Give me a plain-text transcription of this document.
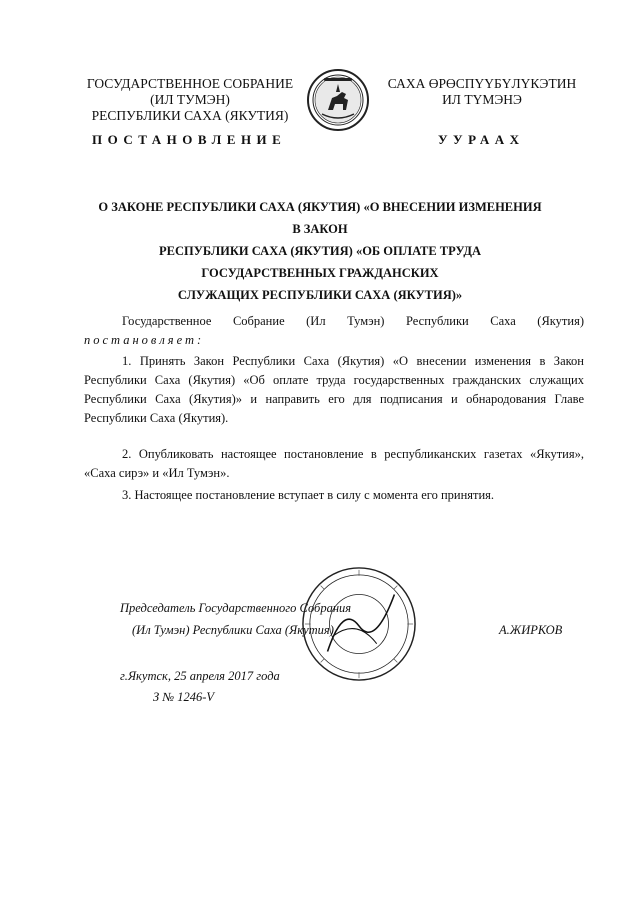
ГОСУДАРСТВЕННОЕ СОБРАНИЕ
(ИЛ ТУМЭН)
РЕСПУБЛИКИ САХА (ЯКУТИЯ)
САХА ӨРӨСПҮҮБҮЛҮКЭТИН
ИЛ ТҮМЭНЭ
ПОСТАНОВЛЕНИЕ	УУРААХ
О ЗАКОНЕ РЕСПУБЛИКИ САХА (ЯКУТИЯ) «О ВНЕСЕНИИ ИЗМЕНЕНИЯ В ЗАКОН
РЕСПУБЛИКИ САХА (ЯКУТИЯ) «ОБ ОПЛАТЕ ТРУДА ГОСУДАРСТВЕННЫХ ГРАЖДАНСКИХ
СЛУЖАЩИХ РЕСПУБЛИКИ САХА (ЯКУТИЯ)»
Государственное Собрание (Ил Тумэн) Республики Саха (Якутия)
постановляет:
1. Принять Закон Республики Саха (Якутия) «О внесении изменения в Закон Республики Саха (Якутия) «Об оплате труда государственных гражданских служащих Республики Саха (Якутия)» и направить его для подписания и обнародования Главе Республики Саха (Якутия).
2. Опубликовать настоящее постановление в республиканских газетах «Якутия», «Саха сирэ» и «Ил Тумэн».
3. Настоящее постановление вступает в силу с момента его принятия.
Председатель Государственного Собрания
(Ил Тумэн) Республики Саха (Якутия)	А.ЖИРКОВ
г.Якутск, 25 апреля 2017 года
З № 1246-V
